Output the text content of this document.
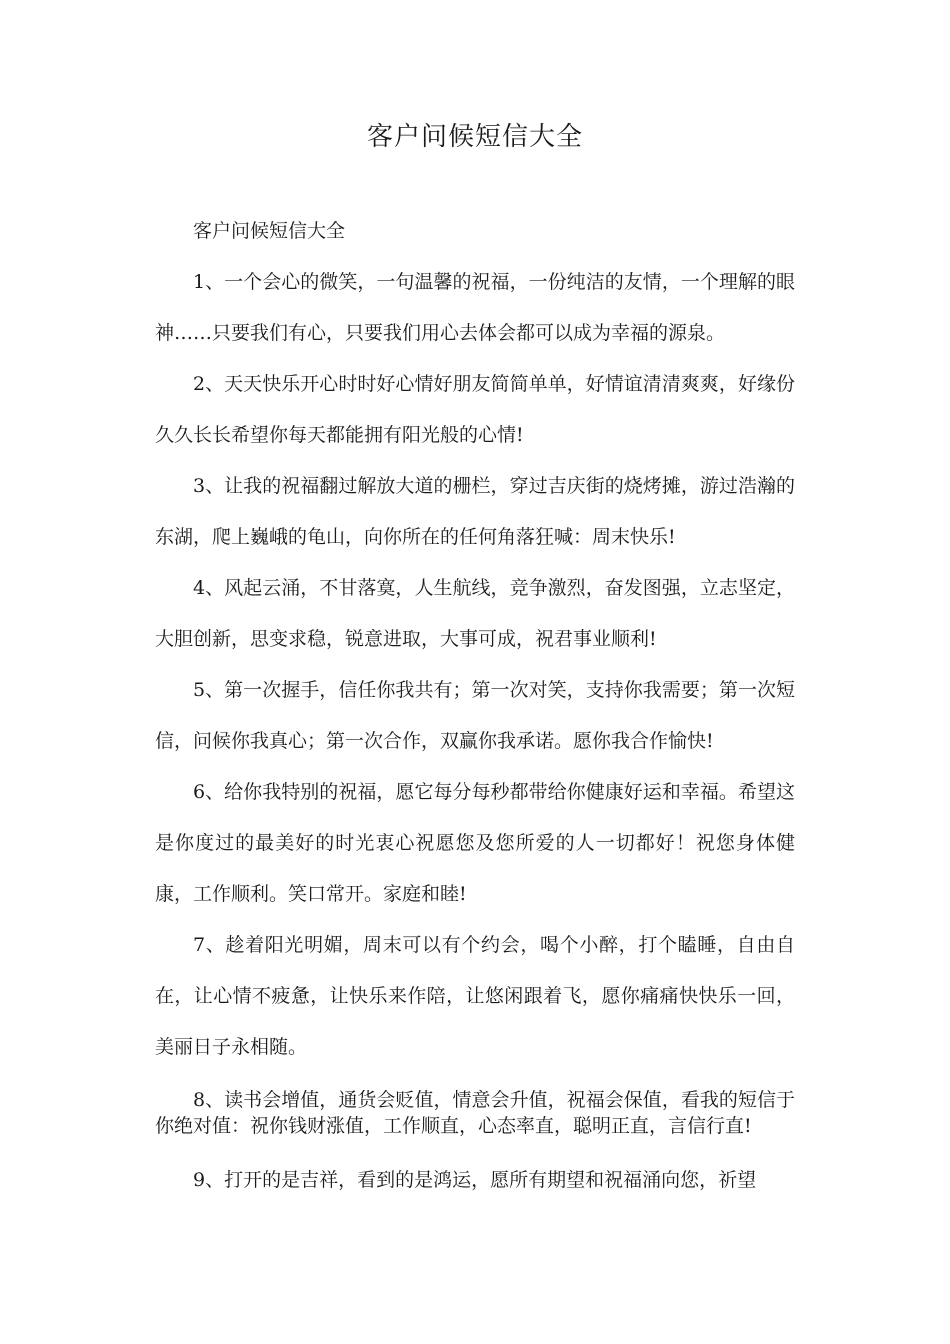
客户问候短信大全

客户问候短信大全

1、一个会心的微笑，一句温馨的祝福，一份纯洁的友情，一个理解的眼神……只要我们有心，只要我们用心去体会都可以成为幸福的源泉。

2、天天快乐开心时时好心情好朋友简简单单，好情谊清清爽爽，好缘份久久长长希望你每天都能拥有阳光般的心情!

3、让我的祝福翻过解放大道的栅栏，穿过吉庆街的烧烤摊，游过浩瀚的东湖，爬上巍峨的龟山，向你所在的任何角落狂喊：周末快乐!

4、风起云涌，不甘落寞，人生航线，竞争激烈，奋发图强，立志坚定，大胆创新，思变求稳，锐意进取，大事可成，祝君事业顺利!

5、第一次握手，信任你我共有；第一次对笑，支持你我需要；第一次短信，问候你我真心；第一次合作，双赢你我承诺。愿你我合作愉快!

6、给你我特别的祝福，愿它每分每秒都带给你健康好运和幸福。希望这是你度过的最美好的时光衷心祝愿您及您所爱的人一切都好！祝您身体健康，工作顺利。笑口常开。家庭和睦!

7、趁着阳光明媚，周末可以有个约会，喝个小醉，打个瞌睡，自由自在，让心情不疲惫，让快乐来作陪，让悠闲跟着飞，愿你痛痛快快乐一回，美丽日子永相随。

8、读书会增值，通货会贬值，情意会升值，祝福会保值，看我的短信于你绝对值：祝你钱财涨值，工作顺直，心态率直，聪明正直，言信行直!

9、打开的是吉祥，看到的是鸿运，愿所有期望和祝福涌向您，祈望
